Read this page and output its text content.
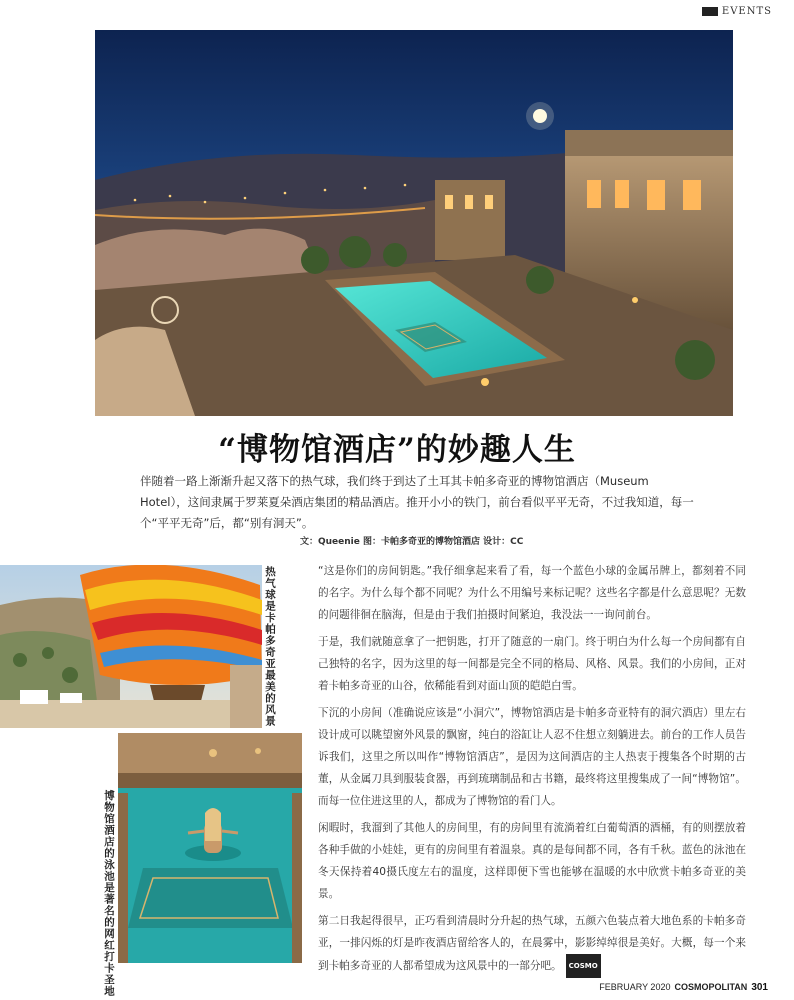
EVENTS
“博物馆酒店”的妙趣人生

伴随着一路上渐渐升起又落下的热气球，我们终于到达了土耳其卡帕多奇亚的博物馆酒店（Museum Hotel），这间隶属于罗莱夏朵酒店集团的精品酒店。推开小小的铁门，前台看似平平无奇，不过我知道，每一个“平平无奇”后，都“别有洞天”。

文：Queenie 图：卡帕多奇亚的博物馆酒店 设计：CC
热气球是卡帕多奇亚最美的风景
博物馆酒店的泳池是著名的网红打卡圣地

“这是你们的房间钥匙。”我仔细拿起来看了看，每一个蓝色小球的金属吊牌上，都刻着不同的名字。为什么每个都不同呢？为什么不用编号来标记呢？这些名字都是什么意思呢？无数的问题徘徊在脑海，但是由于我们拍摄时间紧迫，我没法一一询问前台。

于是，我们就随意拿了一把钥匙，打开了随意的一扇门。终于明白为什么每一个房间都有自己独特的名字，因为这里的每一间都是完全不同的格局、风格、风景。我们的小房间，正对着卡帕多奇亚的山谷，依稀能看到对面山顶的皑皑白雪。

下沉的小房间（准确说应该是“小洞穴”，博物馆酒店是卡帕多奇亚特有的洞穴酒店）里左右设计成可以眺望窗外风景的飘窗，纯白的浴缸让人忍不住想立刻躺进去。前台的工作人员告诉我们，这里之所以叫作“博物馆酒店”，是因为这间酒店的主人热衷于搜集各个时期的古董，从金属刀具到服装食器，再到琉璃制品和古书籍，最终将这里搜集成了一间“博物馆”。而每一位住进这里的人，都成为了博物馆的看门人。

闲暇时，我溜到了其他人的房间里，有的房间里有流淌着红白葡萄酒的酒桶，有的则摆放着各种手做的小娃娃，更有的房间里有着温泉。真的是每间都不同，各有千秋。蓝色的泳池在冬天保持着40摄氏度左右的温度，这样即便下雪也能够在温暖的水中欣赏卡帕多奇亚的美景。

第二日我起得很早，正巧看到清晨时分升起的热气球，五颜六色装点着大地色系的卡帕多奇亚，一排闪烁的灯是昨夜酒店留给客人的，在晨雾中，影影绰绰很是美好。大概，每一个来到卡帕多奇亚的人都希望成为这风景中的一部分吧。 COSMO

FEBRUARY 2020 COSMOPOLITAN 301
